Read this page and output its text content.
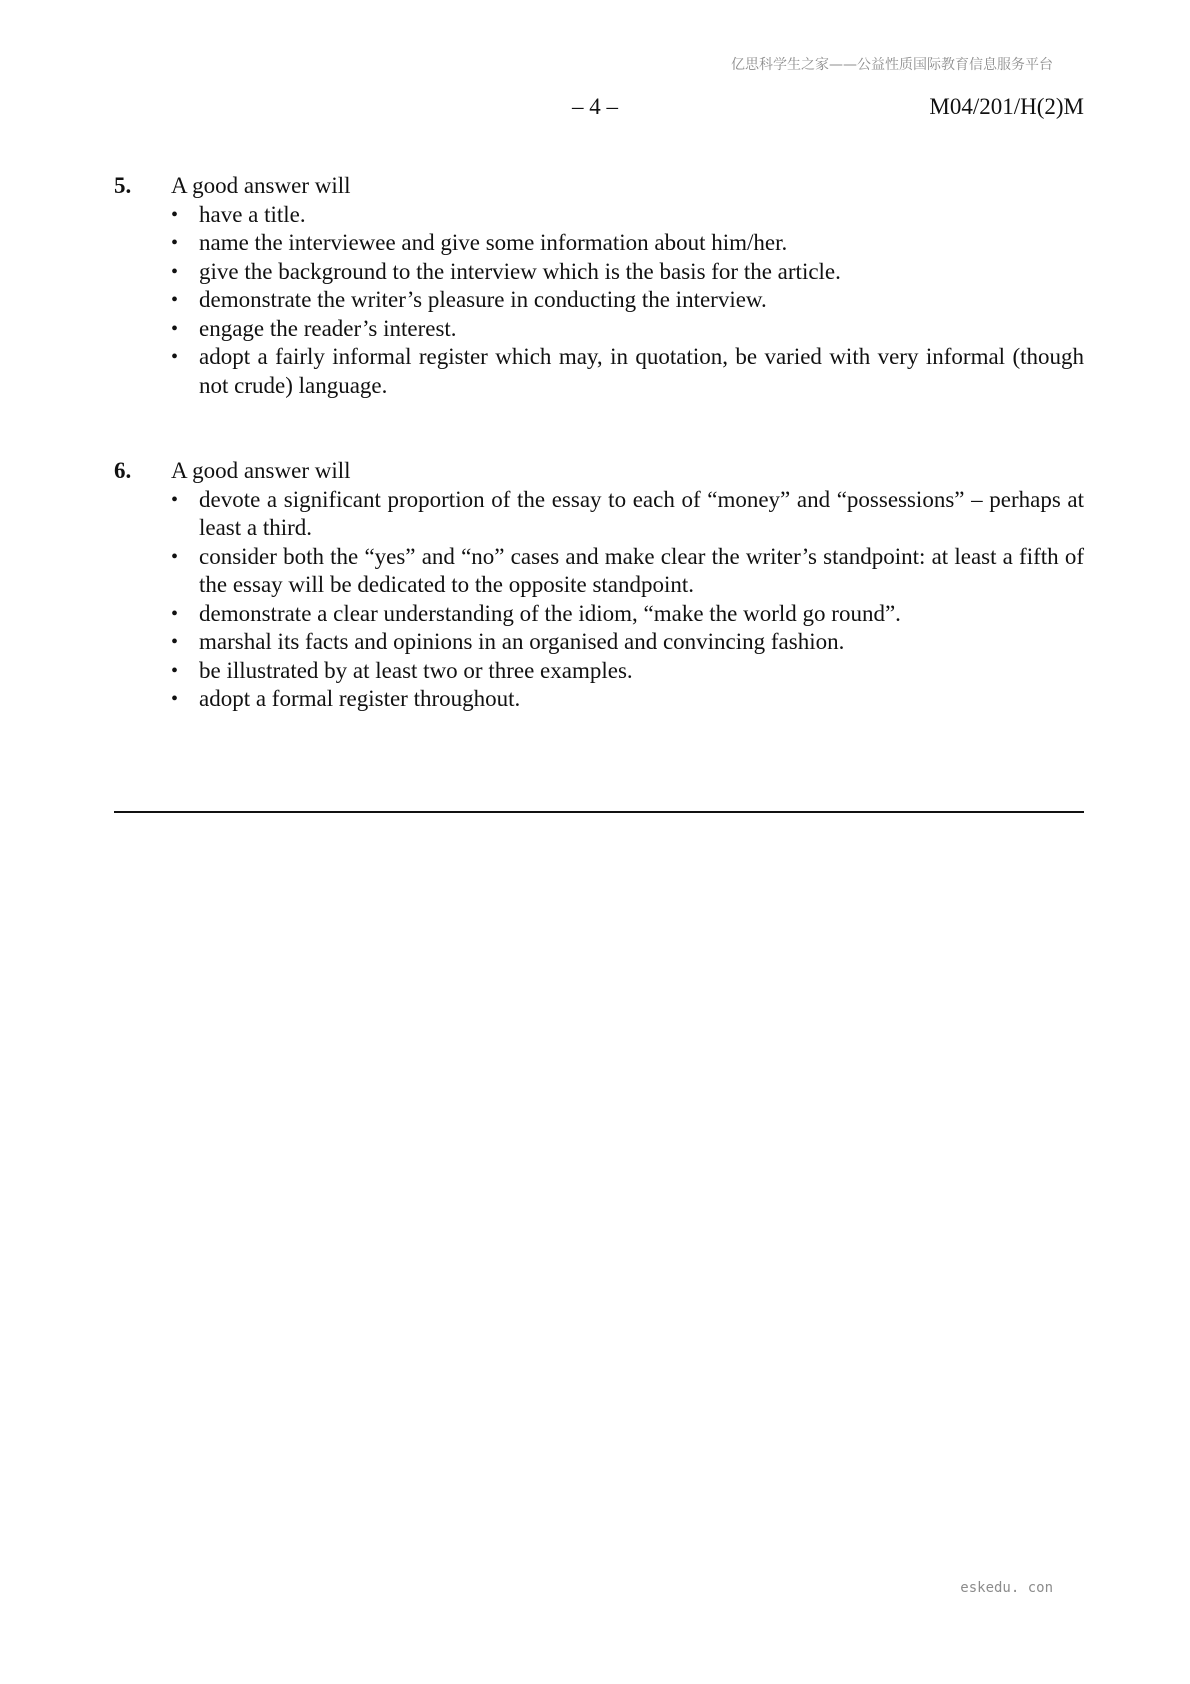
亿思科学生之家——公益性质国际教育信息服务平台
– 4 –	M04/201/H(2)M
5.	A good answer will
• have a title.
• name the interviewee and give some information about him/her.
• give the background to the interview which is the basis for the article.
• demonstrate the writer’s pleasure in conducting the interview.
• engage the reader’s interest.
• adopt a fairly informal register which may, in quotation, be varied with very informal (though not crude) language.
6.	A good answer will
• devote a significant proportion of the essay to each of “money” and “possessions” – perhaps at least a third.
• consider both the “yes” and “no” cases and make clear the writer’s standpoint: at least a fifth of the essay will be dedicated to the opposite standpoint.
• demonstrate a clear understanding of the idiom, “make the world go round”.
• marshal its facts and opinions in an organised and convincing fashion.
• be illustrated by at least two or three examples.
• adopt a formal register throughout.
eskedu. con
